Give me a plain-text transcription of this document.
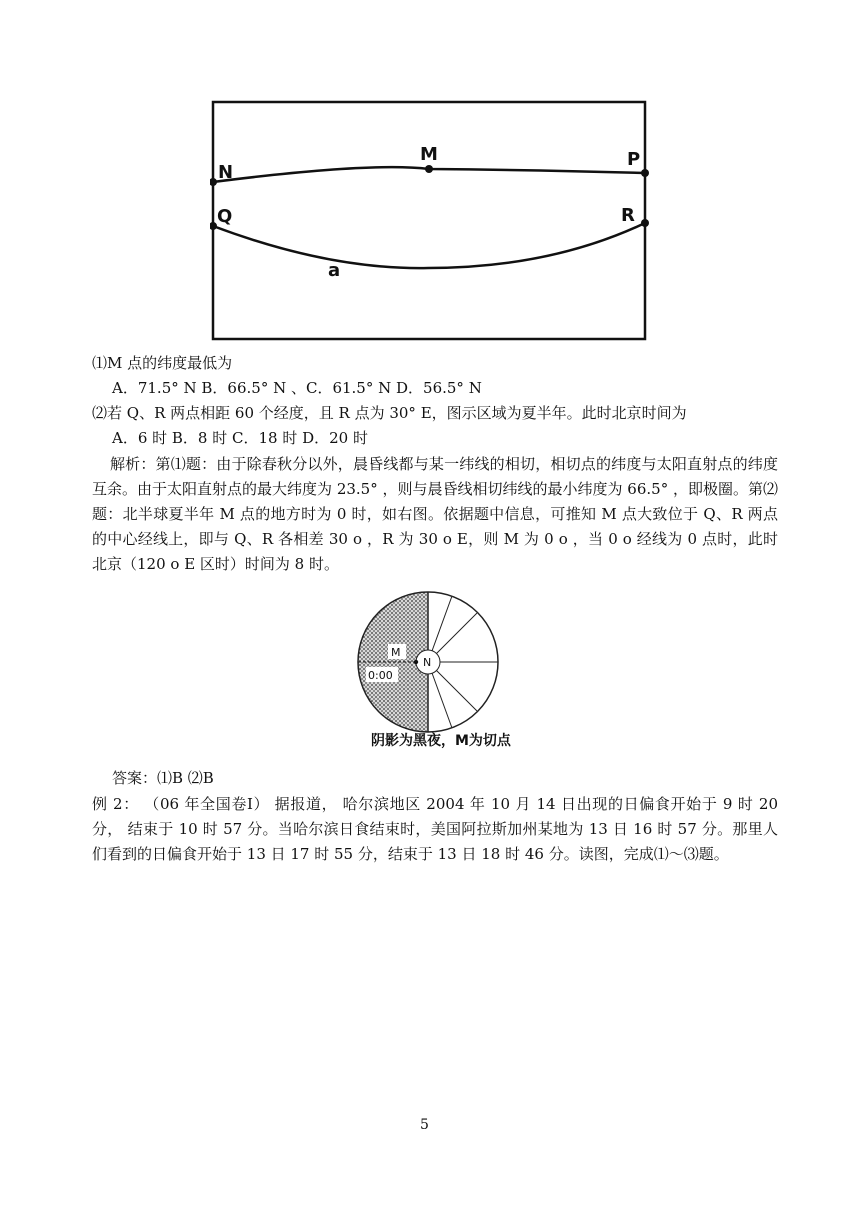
N
M	P
Q	R
a
⑴M 点的纬度最低为
A．71.5° N B．66.5° N 、C．61.5° N D．56.5° N
⑵若 Q、R 两点相距 60 个经度，且 R 点为 30° E，图示区域为夏半年。此时北京时间为
A．6 时 B．8 时 C．18 时 D．20 时
解析：第⑴题：由于除春秋分以外，晨昏线都与某一纬线的相切，相切点的纬度与太阳直射点的纬度互余。由于太阳直射点的最大纬度为 23.5° ，则与晨昏线相切纬线的最小纬度为 66.5° ，即极圈。第⑵题：北半球夏半年 M 点的地方时为 0 时，如右图。依据题中信息，可推知 M 点大致位于 Q、R 两点的中心经线上，即与 Q、R 各相差 30 o ，R 为 30 o E，则 M 为 0 o ，当 0 o 经线为 0 点时，此时北京（120 o E 区时）时间为 8 时。
M
N
0:00
阴影为黑夜，M为切点
答案：⑴B ⑵B
例 2： （06 年全国卷Ⅰ） 据报道， 哈尔滨地区 2004 年 10 月 14 日出现的日偏食开始于 9 时 20 分， 结束于 10 时 57 分。当哈尔滨日食结束时，美国阿拉斯加州某地为 13 日 16 时 57 分。那里人们看到的日偏食开始于 13 日 17 时 55 分，结束于 13 日 18 时 46 分。读图，完成⑴～⑶题。
5
